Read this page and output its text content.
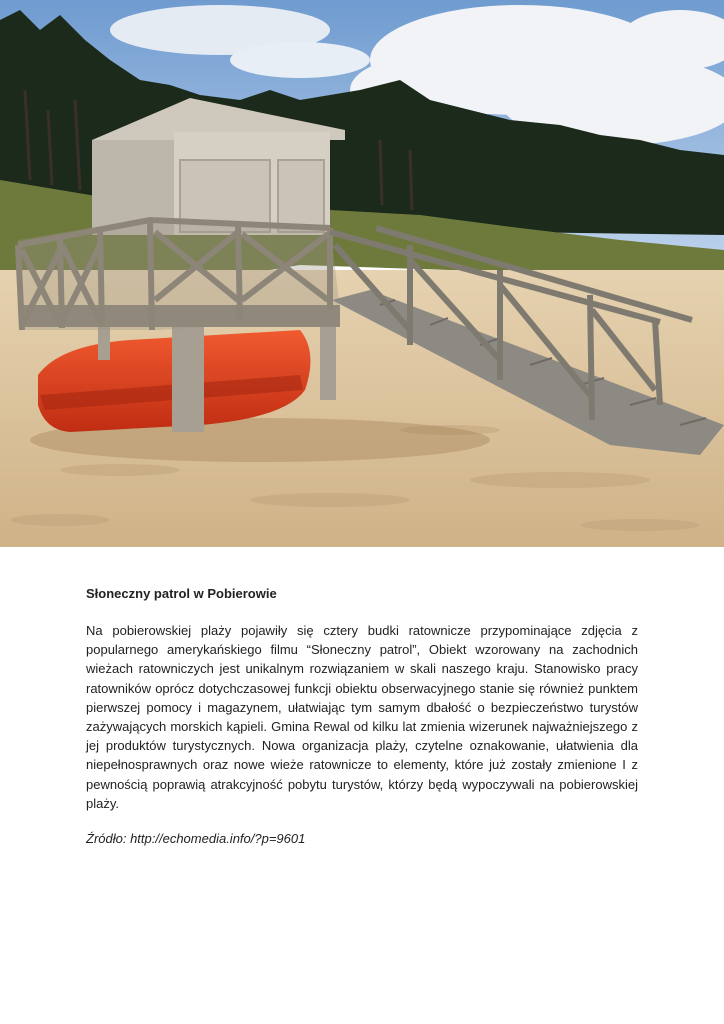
Słoneczny patrol w Pobierowie

Na pobierowskiej plaży pojawiły się cztery budki ratownicze przypominające zdjęcia z popularnego amerykańskiego filmu “Słoneczny patrol”, Obiekt wzorowany na zachodnich wieżach ratowniczych jest unikalnym rozwiązaniem w skali naszego kraju. Stanowisko pracy ratowników oprócz dotychczasowej funkcji obiektu obserwacyjnego stanie się również punktem pierwszej pomocy i magazynem, ułatwiając tym samym dbałość o bezpieczeństwo turystów zażywających morskich kąpieli. Gmina Rewal od kilku lat zmienia wizerunek najważniejszego z jej produktów turystycznych. Nowa organizacja plaży, czytelne oznakowanie, ułatwienia dla niepełnosprawnych oraz nowe wieże ratownicze to elementy, które już zostały zmienione I z pewnością poprawią atrakcyjność pobytu turystów, którzy będą wypoczywali na pobierowskiej plaży.

Źródło: http://echomedia.info/?p=9601
